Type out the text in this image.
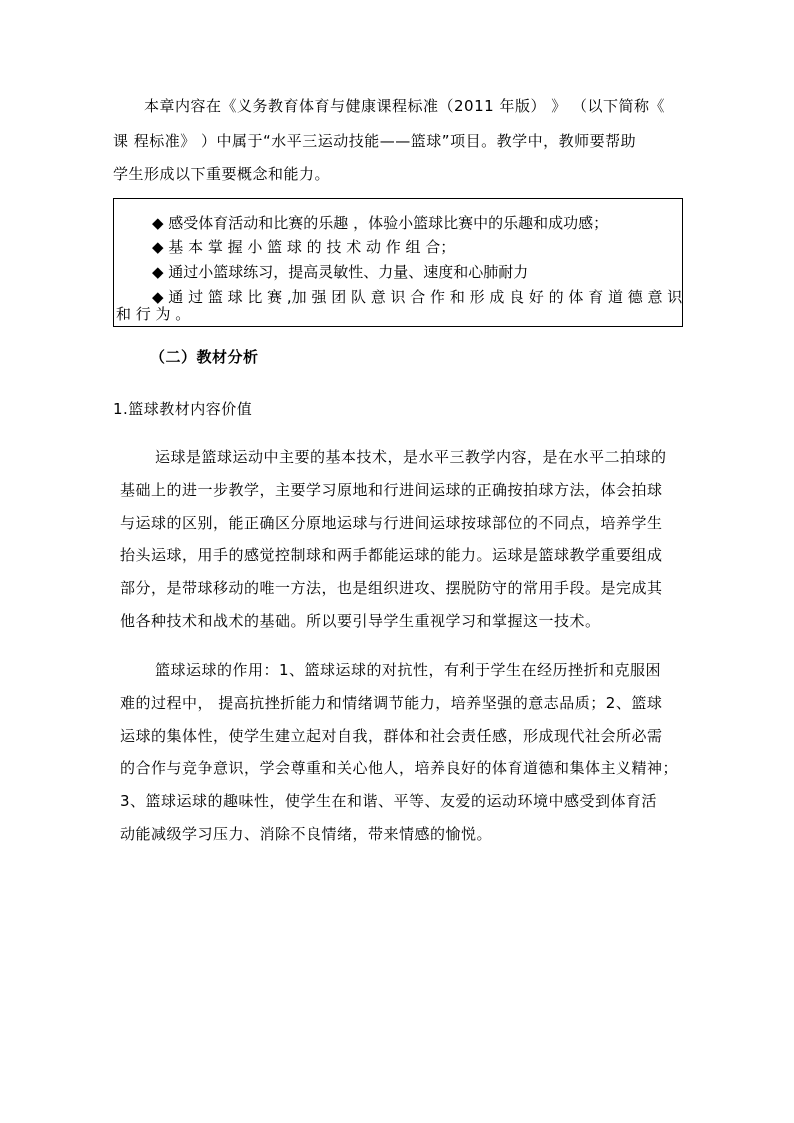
本章内容在《义务教育体育与健康课程标准（2011 年版） 》 （以下简称《
课 程标准》 ）中属于“水平三运动技能——篮球”项目。教学中，教师要帮助
学生形成以下重要概念和能力。
◆ 感受体育活动和比赛的乐趣 ，体验小篮球比赛中的乐趣和成功感；
◆ 基 本 掌 握 小 篮 球 的 技 术 动 作 组 合；
◆ 通过小篮球练习，提高灵敏性、力量、速度和心肺耐力
◆ 通 过 篮 球 比 赛 ,加 强 团 队 意 识 合 作 和 形 成 良 好 的 体 育 道 德 意 识
和 行 为 。
（二）教材分析
1.篮球教材内容价值
运球是篮球运动中主要的基本技术，是水平三教学内容，是在水平二拍球的
基础上的进一步教学，主要学习原地和行进间运球的正确按拍球方法，体会拍球
与运球的区别，能正确区分原地运球与行进间运球按球部位的不同点，培养学生
抬头运球，用手的感觉控制球和两手都能运球的能力。运球是篮球教学重要组成
部分，是带球移动的唯一方法，也是组织进攻、摆脱防守的常用手段。是完成其
他各种技术和战术的基础。所以要引导学生重视学习和掌握这一技术。
篮球运球的作用：1、篮球运球的对抗性，有利于学生在经历挫折和克服困
难的过程中， 提高抗挫折能力和情绪调节能力，培养坚强的意志品质；2、篮球
运球的集体性，使学生建立起对自我，群体和社会责任感，形成现代社会所必需
的合作与竞争意识，学会尊重和关心他人，培养良好的体育道德和集体主义精神；
3、篮球运球的趣味性，使学生在和谐、平等、友爱的运动环境中感受到体育活
动能减级学习压力、消除不良情绪，带来情感的愉悦。
